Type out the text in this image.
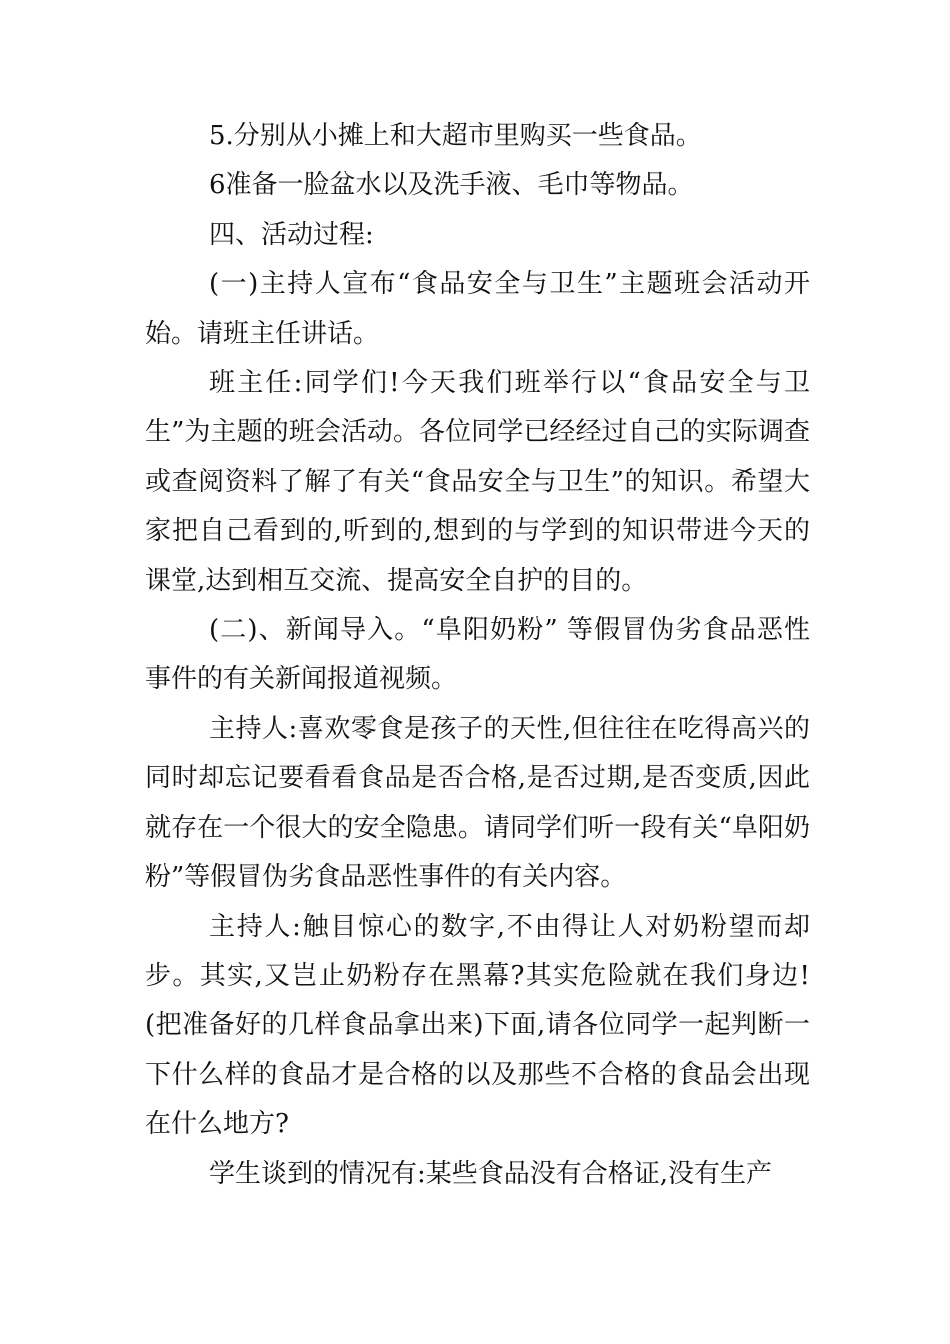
5.分别从小摊上和大超市里购买一些食品。

6准备一脸盆水以及洗手液、毛巾等物品。

四、活动过程:

(一)主持人宣布“食品安全与卫生”主题班会活动开始。请班主任讲话。

班主任:同学们!今天我们班举行以“食品安全与卫生”为主题的班会活动。各位同学已经经过自己的实际调查或查阅资料了解了有关“食品安全与卫生”的知识。希望大家把自己看到的,听到的,想到的与学到的知识带进今天的课堂,达到相互交流、提高安全自护的目的。

(二)、新闻导入。“阜阳奶粉” 等假冒伪劣食品恶性事件的有关新闻报道视频。

主持人:喜欢零食是孩子的天性,但往往在吃得高兴的同时却忘记要看看食品是否合格,是否过期,是否变质,因此就存在一个很大的安全隐患。请同学们听一段有关“阜阳奶粉”等假冒伪劣食品恶性事件的有关内容。

主持人:触目惊心的数字,不由得让人对奶粉望而却步。其实,又岂止奶粉存在黑幕?其实危险就在我们身边!(把准备好的几样食品拿出来)下面,请各位同学一起判断一下什么样的食品才是合格的以及那些不合格的食品会出现在什么地方?

学生谈到的情况有:某些食品没有合格证,没有生产
